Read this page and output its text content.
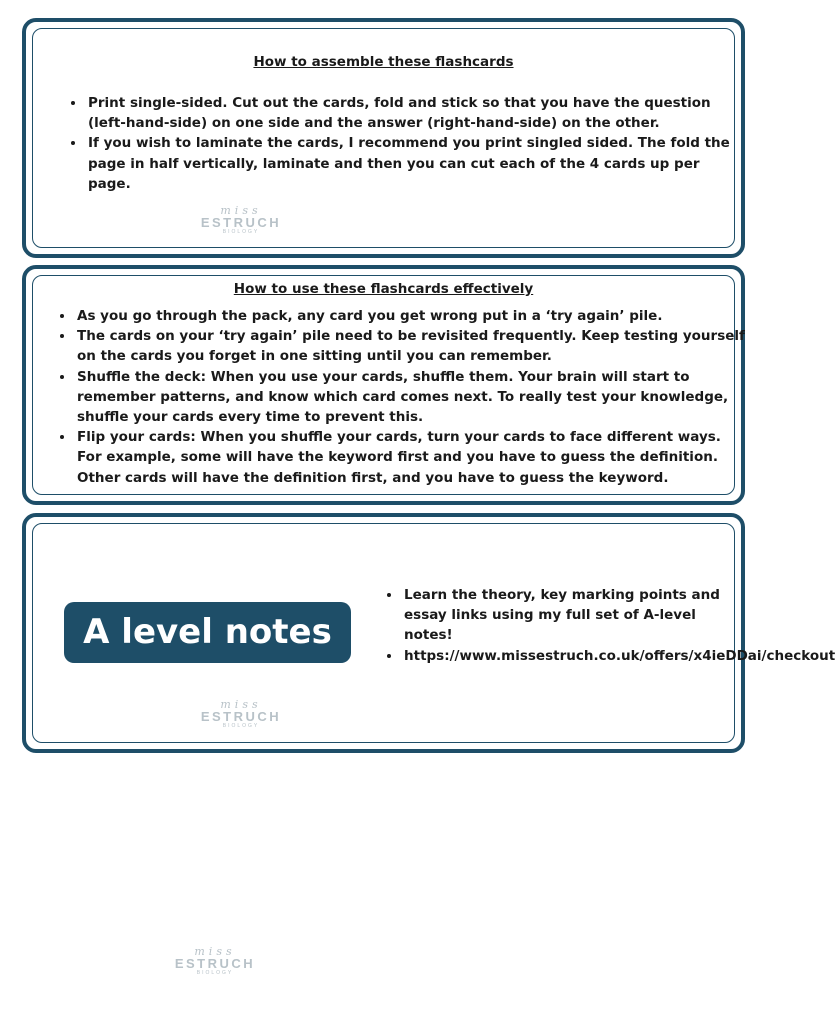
How to assemble these flashcards
• Print single-sided. Cut out the cards, fold and stick so that you have the question (left-hand-side) on one side and the answer (right-hand-side) on the other.
• If you wish to laminate the cards, I recommend you print singled sided. The fold the page in half vertically, laminate and then you can cut each of the 4 cards up per page.
miss
ESTRUCH
BIOLOGY
How to use these flashcards effectively
• As you go through the pack, any card you get wrong put in a ‘try again’ pile.
• The cards on your ‘try again’ pile need to be revisited frequently. Keep testing yourself on the cards you forget in one sitting until you can remember.
• Shuffle the deck: When you use your cards, shuffle them. Your brain will start to remember patterns, and know which card comes next. To really test your knowledge, shuffle your cards every time to prevent this.
• Flip your cards: When you shuffle your cards, turn your cards to face different ways. For example, some will have the keyword first and you have to guess the definition. Other cards will have the definition first, and you have to guess the keyword.
A level notes
• Learn the theory, key marking points and essay links using my full set of A-level notes!
• https://www.missestruch.co.uk/offers/x4ieDDai/checkout
miss
ESTRUCH
BIOLOGY
miss
ESTRUCH
BIOLOGY
